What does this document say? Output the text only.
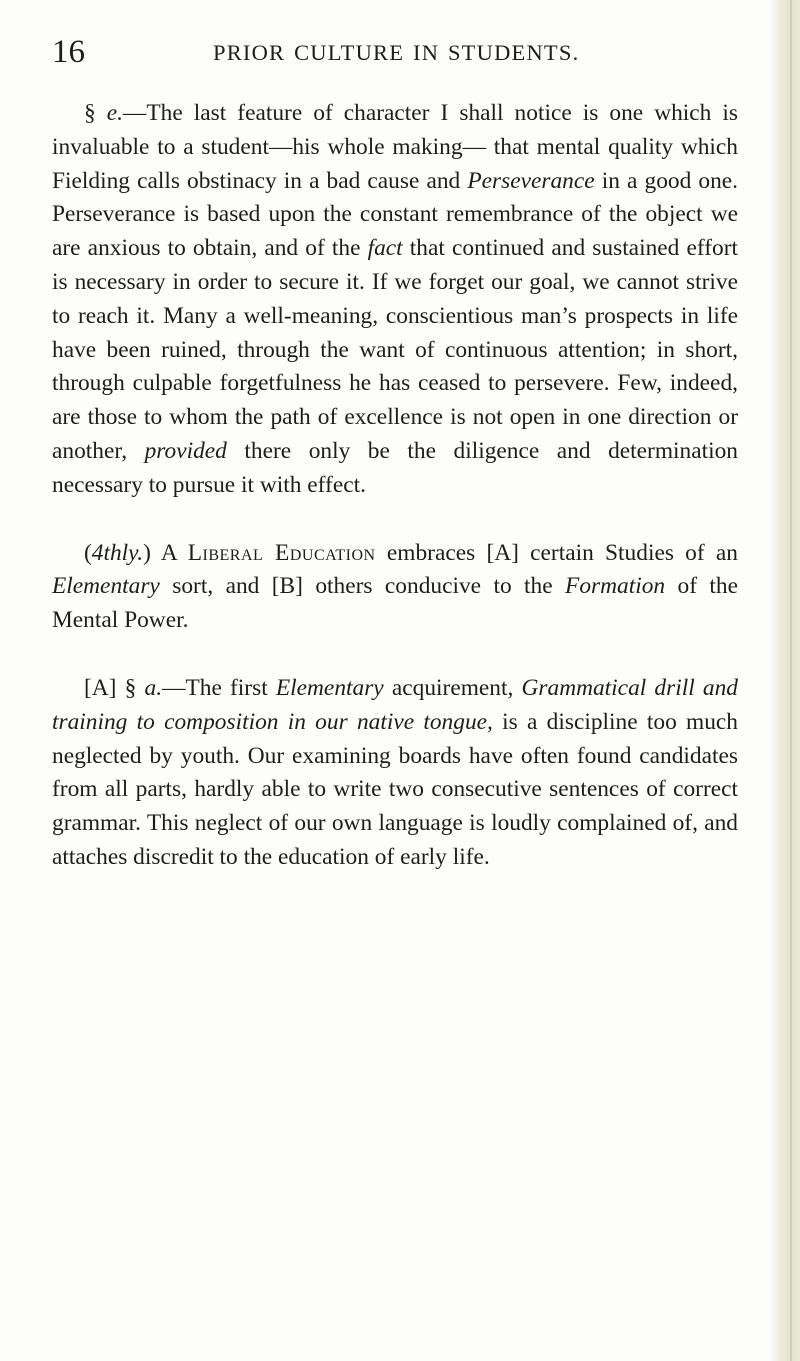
16	PRIOR CULTURE IN STUDENTS.

§ e.—The last feature of character I shall notice is one which is invaluable to a student—his whole making— that mental quality which Fielding calls obstinacy in a bad cause and Perseverance in a good one. Perseverance is based upon the constant remembrance of the object we are anxious to obtain, and of the fact that continued and sustained effort is necessary in order to secure it. If we forget our goal, we cannot strive to reach it. Many a well-meaning, conscientious man’s prospects in life have been ruined, through the want of continuous attention; in short, through culpable forgetfulness he has ceased to persevere. Few, indeed, are those to whom the path of excellence is not open in one direction or another, provided there only be the diligence and determination necessary to pursue it with effect.

(4thly.) A Liberal Education embraces [A] certain Studies of an Elementary sort, and [B] others conducive to the Formation of the Mental Power.

[A] § a.—The first Elementary acquirement, Grammatical drill and training to composition in our native tongue, is a discipline too much neglected by youth. Our examining boards have often found candidates from all parts, hardly able to write two consecutive sentences of correct grammar. This neglect of our own language is loudly complained of, and attaches discredit to the education of early life.
